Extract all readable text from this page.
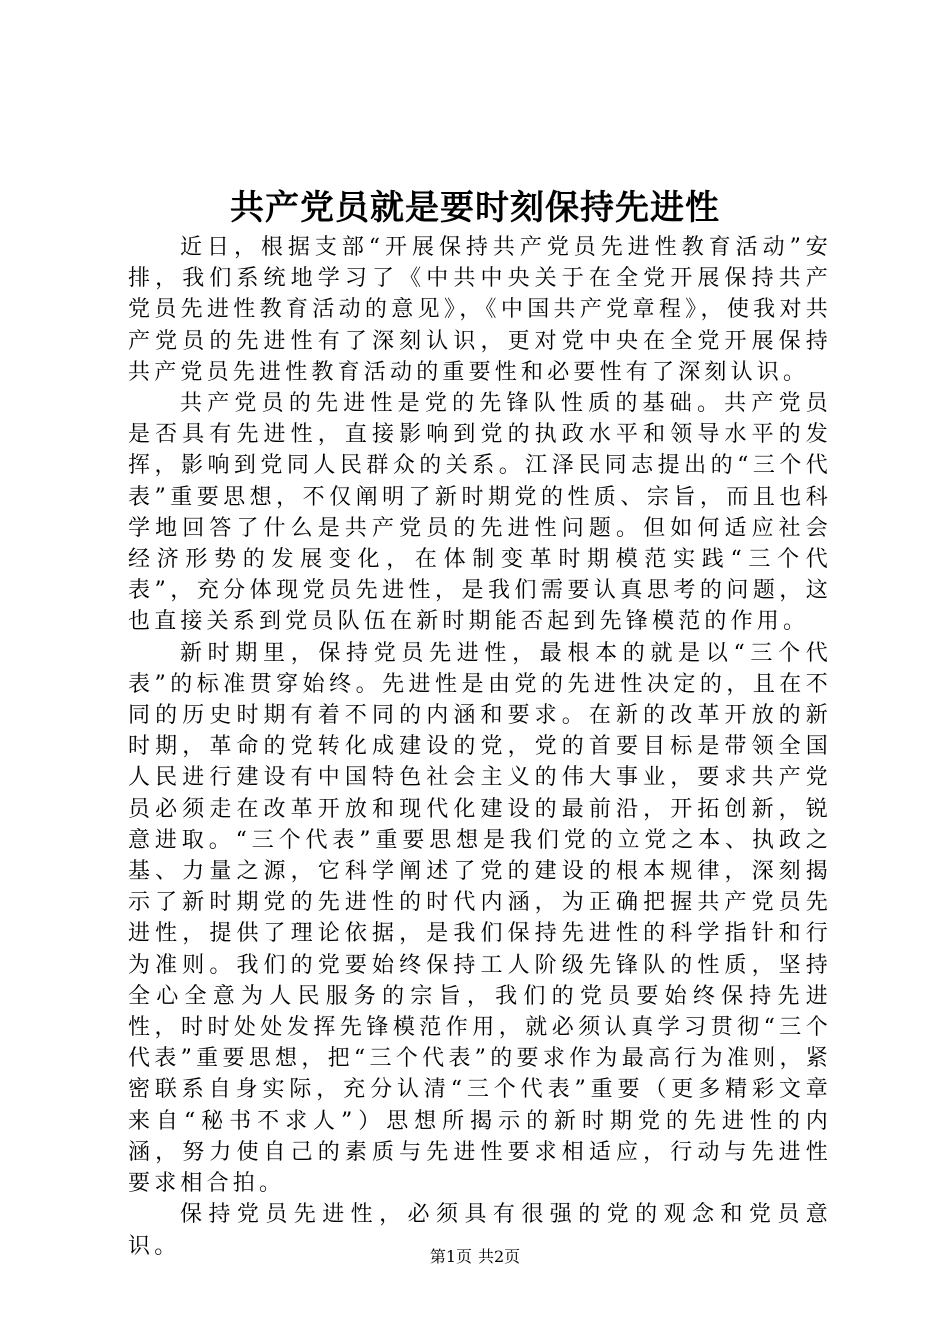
共产党员就是要时刻保持先进性

近日，根据支部“开展保持共产党员先进性教育活动”安排，我们系统地学习了《中共中央关于在全党开展保持共产党员先进性教育活动的意见》，《中国共产党章程》，使我对共产党员的先进性有了深刻认识，更对党中央在全党开展保持共产党员先进性教育活动的重要性和必要性有了深刻认识。

共产党员的先进性是党的先锋队性质的基础。共产党员是否具有先进性，直接影响到党的执政水平和领导水平的发挥，影响到党同人民群众的关系。江泽民同志提出的“三个代表”重要思想，不仅阐明了新时期党的性质、宗旨，而且也科学地回答了什么是共产党员的先进性问题。但如何适应社会经济形势的发展变化，在体制变革时期模范实践“三个代表”，充分体现党员先进性，是我们需要认真思考的问题，这也直接关系到党员队伍在新时期能否起到先锋模范的作用。

新时期里，保持党员先进性，最根本的就是以“三个代表”的标准贯穿始终。先进性是由党的先进性决定的，且在不同的历史时期有着不同的内涵和要求。在新的改革开放的新时期，革命的党转化成建设的党，党的首要目标是带领全国人民进行建设有中国特色社会主义的伟大事业，要求共产党员必须走在改革开放和现代化建设的最前沿，开拓创新，锐意进取。“三个代表”重要思想是我们党的立党之本、执政之基、力量之源，它科学阐述了党的建设的根本规律，深刻揭示了新时期党的先进性的时代内涵，为正确把握共产党员先进性，提供了理论依据，是我们保持先进性的科学指针和行为准则。我们的党要始终保持工人阶级先锋队的性质，坚持全心全意为人民服务的宗旨，我们的党员要始终保持先进性，时时处处发挥先锋模范作用，就必须认真学习贯彻“三个代表”重要思想，把“三个代表”的要求作为最高行为准则，紧密联系自身实际，充分认清“三个代表”重要（更多精彩文章来自“秘书不求人”）思想所揭示的新时期党的先进性的内涵，努力使自己的素质与先进性要求相适应，行动与先进性要求相合拍。

保持党员先进性，必须具有很强的党的观念和党员意识。	第1页 共2页
